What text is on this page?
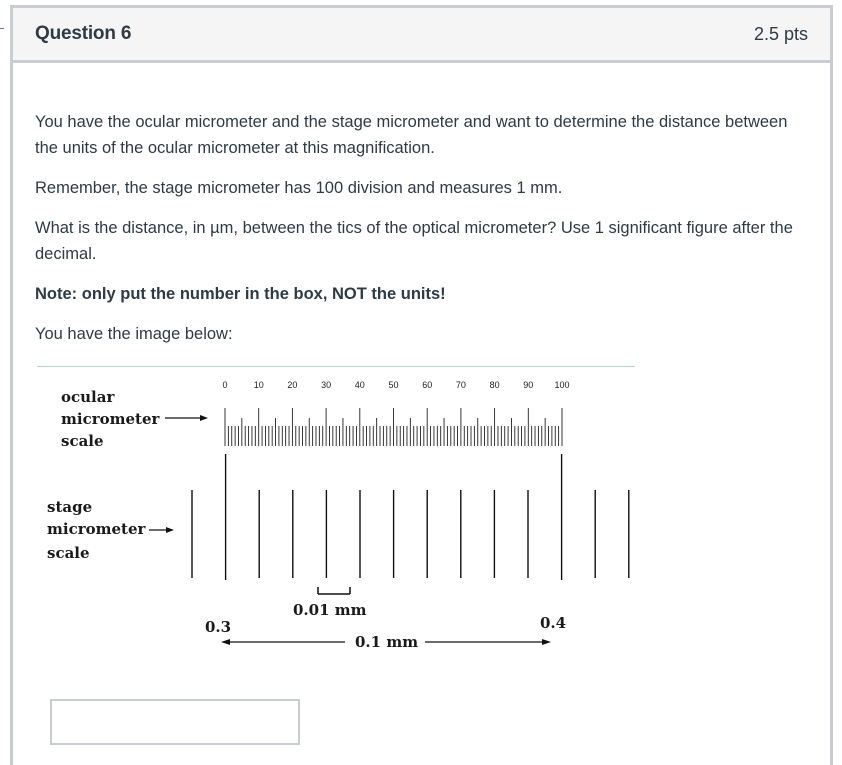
Question 6	2.5 pts

You have the ocular micrometer and the stage micrometer and want to determine the distance between the units of the ocular micrometer at this magnification.

Remember, the stage micrometer has 100 division and measures 1 mm.

What is the distance, in µm, between the tics of the optical micrometer? Use 1 significant figure after the decimal.

Note: only put the number in the box, NOT the units!

You have the image below:

0	10	20	30	40	50	60	70	80	90 100
ocular
micrometer
scale
stage
micrometer
scale
0.01 mm
0.3	0.4
0.1 mm
